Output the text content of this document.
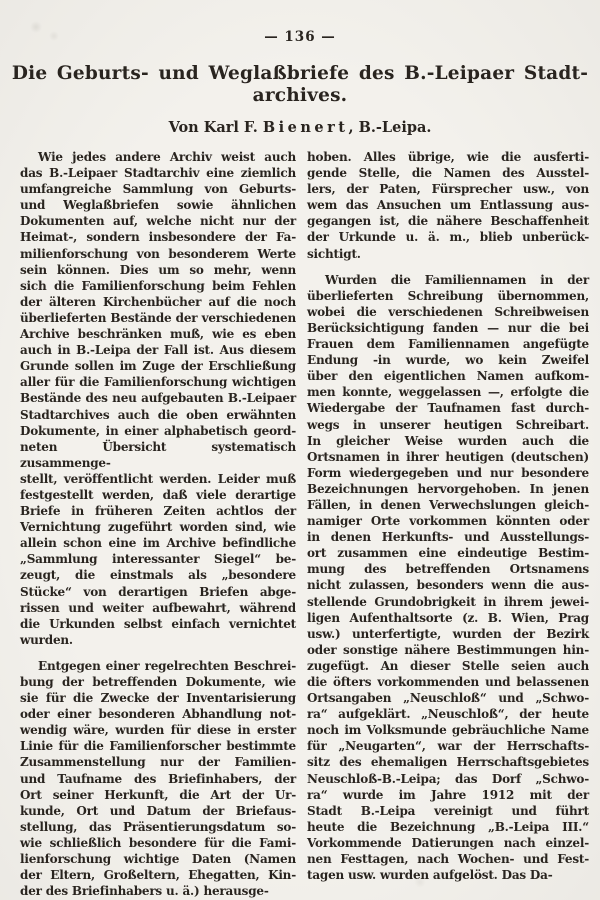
— 136 —
Die Geburts- und Weglaßbriefe des B.-Leipaer Stadt-
archives.
Von Karl F. Bienert, B.-Leipa.
Wie jedes andere Archiv weist auch
das B.-Leipaer Stadtarchiv eine ziemlich
umfangreiche Sammlung von Geburts-
und Weglaßbriefen sowie ähnlichen
Dokumenten auf, welche nicht nur der
Heimat-, sondern insbesondere der Fa-
milienforschung von besonderem Werte
sein können. Dies um so mehr, wenn
sich die Familienforschung beim Fehlen
der älteren Kirchenbücher auf die noch
überlieferten Bestände der verschiedenen
Archive beschränken muß, wie es eben
auch in B.-Leipa der Fall ist. Aus diesem
Grunde sollen im Zuge der Erschließung
aller für die Familienforschung wichtigen
Bestände des neu aufgebauten B.-Leipaer
Stadtarchives auch die oben erwähnten
Dokumente, in einer alphabetisch geord-
neten Übersicht systematisch zusammenge-
stellt, veröffentlicht werden. Leider muß
festgestellt werden, daß viele derartige
Briefe in früheren Zeiten achtlos der
Vernichtung zugeführt worden sind, wie
allein schon eine im Archive befindliche
„Sammlung interessanter Siegel“ be-
zeugt, die einstmals als „besondere
Stücke“ von derartigen Briefen abge-
rissen und weiter aufbewahrt, während
die Urkunden selbst einfach vernichtet
wurden.
Entgegen einer regelrechten Beschrei-
bung der betreffenden Dokumente, wie
sie für die Zwecke der Inventarisierung
oder einer besonderen Abhandlung not-
wendig wäre, wurden für diese in erster
Linie für die Familienforscher bestimmte
Zusammenstellung nur der Familien-
und Taufname des Briefinhabers, der
Ort seiner Herkunft, die Art der Ur-
kunde, Ort und Datum der Briefaus-
stellung, das Präsentierungsdatum so-
wie schließlich besondere für die Fami-
lienforschung wichtige Daten (Namen
der Eltern, Großeltern, Ehegatten, Kin-
der des Briefinhabers u. ä.) herausge-
hoben. Alles übrige, wie die ausferti-
gende Stelle, die Namen des Ausstel-
lers, der Paten, Fürsprecher usw., von
wem das Ansuchen um Entlassung aus-
gegangen ist, die nähere Beschaffenheit
der Urkunde u. ä. m., blieb unberück-
sichtigt.
Wurden die Familiennamen in der
überlieferten Schreibung übernommen,
wobei die verschiedenen Schreibweisen
Berücksichtigung fanden — nur die bei
Frauen dem Familiennamen angefügte
Endung -in wurde, wo kein Zweifel
über den eigentlichen Namen aufkom-
men konnte, weggelassen —, erfolgte die
Wiedergabe der Taufnamen fast durch-
wegs in unserer heutigen Schreibart.
In gleicher Weise wurden auch die
Ortsnamen in ihrer heutigen (deutschen)
Form wiedergegeben und nur besondere
Bezeichnungen hervorgehoben. In jenen
Fällen, in denen Verwechslungen gleich-
namiger Orte vorkommen könnten oder
in denen Herkunfts- und Ausstellungs-
ort zusammen eine eindeutige Bestim-
mung des betreffenden Ortsnamens
nicht zulassen, besonders wenn die aus-
stellende Grundobrigkeit in ihrem jewei-
ligen Aufenthaltsorte (z. B. Wien, Prag
usw.) unterfertigte, wurden der Bezirk
oder sonstige nähere Bestimmungen hin-
zugefügt. An dieser Stelle seien auch
die öfters vorkommenden und belassenen
Ortsangaben „Neuschloß“ und „Schwo-
ra“ aufgeklärt. „Neuschloß“, der heute
noch im Volksmunde gebräuchliche Name
für „Neugarten“, war der Herrschafts-
sitz des ehemaligen Herrschaftsgebietes
Neuschloß-B.-Leipa; das Dorf „Schwo-
ra“ wurde im Jahre 1912 mit der
Stadt B.-Leipa vereinigt und führt
heute die Bezeichnung „B.-Leipa III.“
Vorkommende Datierungen nach einzel-
nen Festtagen, nach Wochen- und Fest-
tagen usw. wurden aufgelöst. Das Da-
